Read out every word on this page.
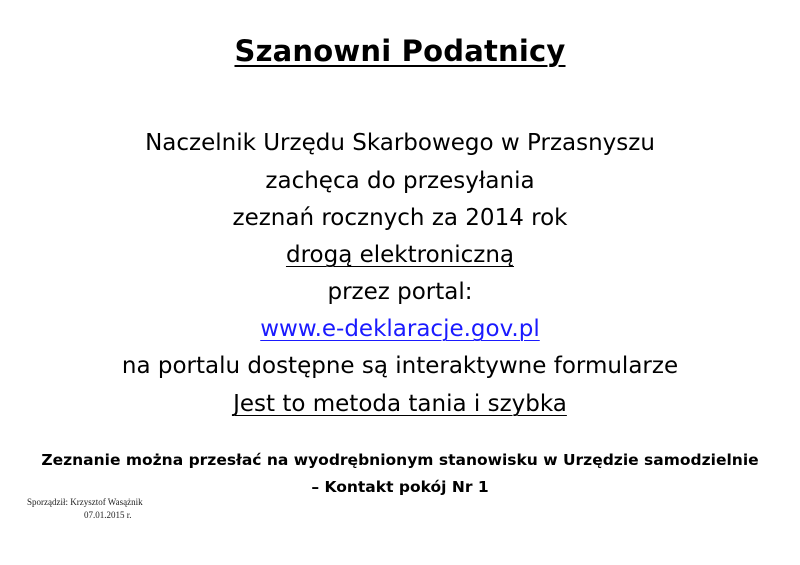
Szanowni Podatnicy
Naczelnik Urzędu Skarbowego w Przasnyszu
zachęca do przesyłania
zeznań rocznych za 2014 rok
drogą elektroniczną
przez portal:
www.e-deklaracje.gov.pl
na portalu dostępne są interaktywne formularze
Jest to metoda tania i szybka
Zeznanie można przesłać na wyodrębnionym stanowisku w Urzędzie samodzielnie
– Kontakt pokój Nr 1
Sporządził: Krzysztof Wasążnik
07.01.2015 r.
